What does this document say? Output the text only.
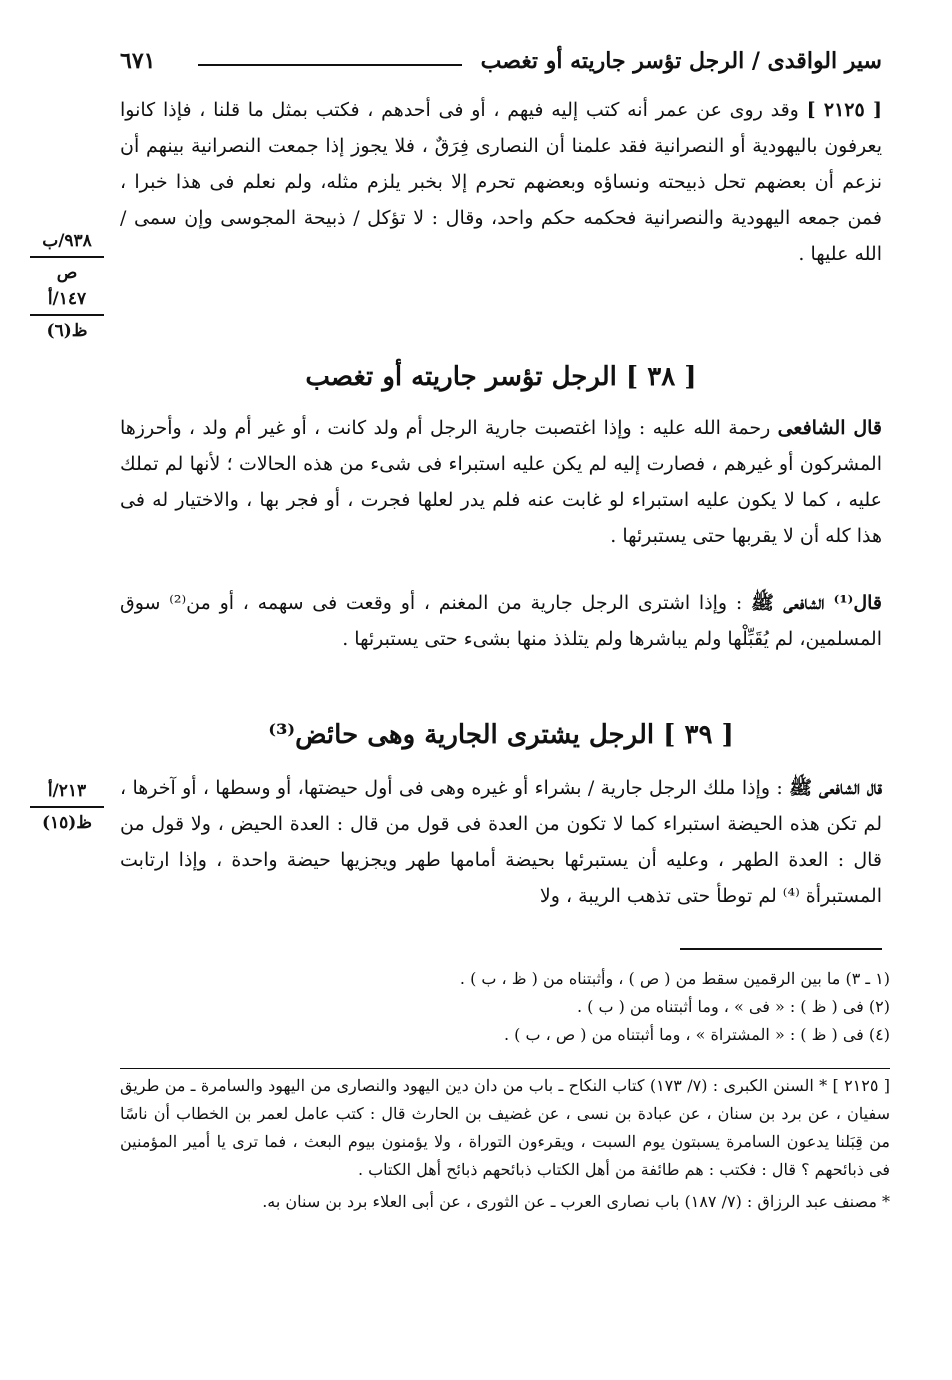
سير الواقدى / الرجل تؤسر جاريته أو تغصب
٦٧١
[ ٢١٢٥ ] وقد روى عن عمر أنه كتب إليه فيهم ، أو فى أحدهم ، فكتب بمثل ما قلنا ، فإذا كانوا يعرفون باليهودية أو النصرانية فقد علمنا أن النصارى فِرَقٌ ، فلا يجوز إذا جمعت النصرانية بينهم أن نزعم أن بعضهم تحل ذبيحته ونساؤه وبعضهم تحرم إلا بخبر يلزم مثله، ولم نعلم فى هذا خبرا ، فمن جمعه اليهودية والنصرانية فحكمه حكم واحد، وقال : لا تؤكل / ذبيحة المجوسى وإن سمى / الله عليها .
٩٣٨/ب
ص
١٤٧/أ
ظ(٦)
[ ٣٨ ] الرجل تؤسر جاريته أو تغصب
قال الشافعى رحمة الله عليه : وإذا اغتصبت جارية الرجل أم ولد كانت ، أو غير أم ولد ، وأحرزها المشركون أو غيرهم ، فصارت إليه لم يكن عليه استبراء فى شىء من هذه الحالات ؛ لأنها لم تملك عليه ، كما لا يكون عليه استبراء لو غابت عنه فلم يدر لعلها فجرت ، أو فجر بها ، والاختيار له فى هذا كله أن لا يقربها حتى يستبرئها .
قال⁽¹⁾ الشافعى ﷺ : وإذا اشترى الرجل جارية من المغنم ، أو وقعت فى سهمه ، أو من⁽²⁾ سوق المسلمين، لم يُقَبِّلْها ولم يباشرها ولم يتلذذ منها بشىء حتى يستبرئها .
[ ٣٩ ] الرجل يشترى الجارية وهى حائض⁽³⁾
٢١٣/أ
ظ(١٥)
قال الشافعى ﷺ : وإذا ملك الرجل جارية / بشراء أو غيره وهى فى أول حيضتها، أو وسطها ، أو آخرها ، لم تكن هذه الحيضة استبراء كما لا تكون من العدة فى قول من قال : العدة الحيض ، ولا قول من قال : العدة الطهر ، وعليه أن يستبرئها بحيضة أمامها طهر ويجزيها حيضة واحدة ، وإذا ارتابت المستبرأة ⁽⁴⁾ لم توطأ حتى تذهب الريبة ، ولا
(١ ـ ٣) ما بين الرقمين سقط من ( ص ) ، وأثبتناه من ( ظ ، ب ) .
(٢) فى ( ظ ) : « فى » ، وما أثبتناه من ( ب ) .
(٤) فى ( ظ ) : « المشتراة » ، وما أثبتناه من ( ص ، ب ) .
[ ٢١٢٥ ] * السنن الكبرى : (٧/ ١٧٣) كتاب النكاح ـ باب من دان دين اليهود والنصارى من اليهود والسامرة ـ من طريق سفيان ، عن برد بن سنان ، عن عبادة بن نسى ، عن غضيف بن الحارث قال : كتب عامل لعمر بن الخطاب أن ناسًا من قِبَلنا يدعون السامرة يسبتون يوم السبت ، ويقرءون التوراة ، ولا يؤمنون بيوم البعث ، فما ترى يا أمير المؤمنين فى ذبائحهم ؟ قال : فكتب : هم طائفة من أهل الكتاب ذبائحهم ذبائح أهل الكتاب .
* مصنف عبد الرزاق : (٧/ ١٨٧) باب نصارى العرب ـ عن الثورى ، عن أبى العلاء برد بن سنان به.
